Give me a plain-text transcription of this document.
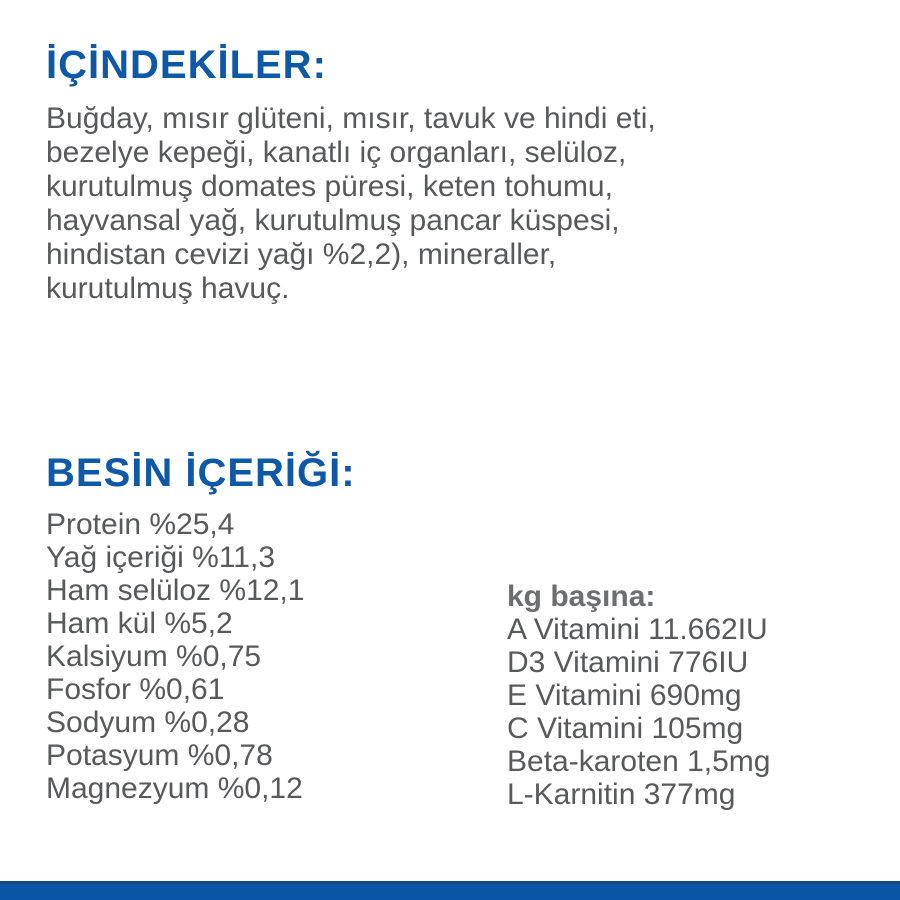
İÇİNDEKİLER:
Buğday, mısır glüteni, mısır, tavuk ve hindi eti,
bezelye kepeği, kanatlı iç organları, selüloz,
kurutulmuş domates püresi, keten tohumu,
hayvansal yağ, kurutulmuş pancar küspesi,
hindistan cevizi yağı %2,2), mineraller,
kurutulmuş havuç.
BESİN İÇERİĞİ:
Protein %25,4
Yağ içeriği %11,3
Ham selüloz %12,1
Ham kül %5,2
Kalsiyum %0,75
Fosfor %0,61
Sodyum %0,28
Potasyum %0,78
Magnezyum %0,12
kg başına:
A Vitamini 11.662IU
D3 Vitamini 776IU
E Vitamini 690mg
C Vitamini 105mg
Beta-karoten 1,5mg
L-Karnitin 377mg
